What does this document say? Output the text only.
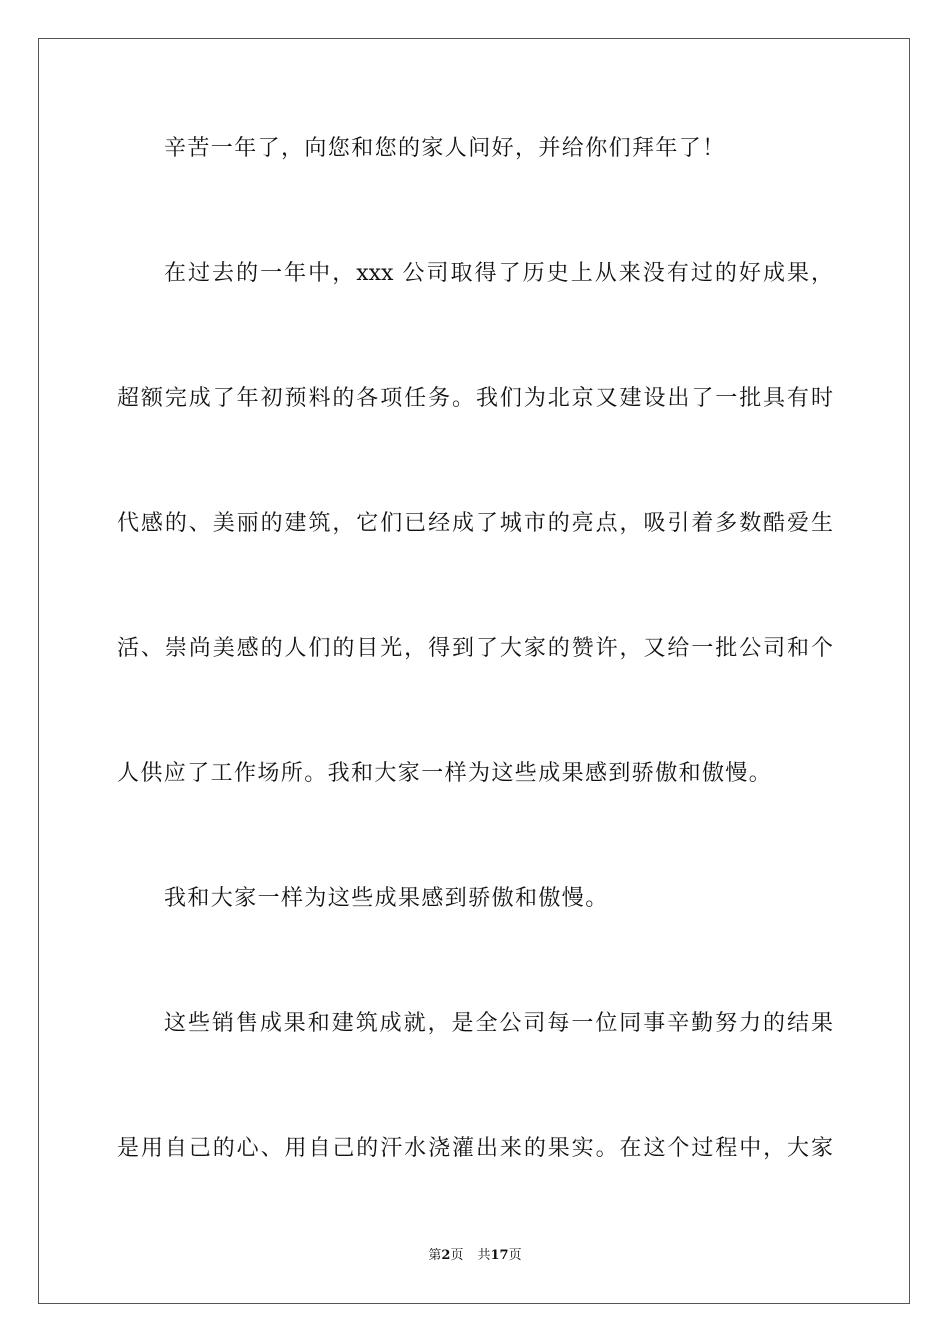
辛苦一年了，向您和您的家人问好，并给你们拜年了！
在过去的一年中，xxx 公司取得了历史上从来没有过的好成果，
超额完成了年初预料的各项任务。我们为北京又建设出了一批具有时
代感的、美丽的建筑，它们已经成了城市的亮点，吸引着多数酷爱生
活、崇尚美感的人们的目光，得到了大家的赞许，又给一批公司和个
人供应了工作场所。我和大家一样为这些成果感到骄傲和傲慢。
我和大家一样为这些成果感到骄傲和傲慢。
这些销售成果和建筑成就，是全公司每一位同事辛勤努力的结果
是用自己的心、用自己的汗水浇灌出来的果实。在这个过程中，大家
第2页 共17页
